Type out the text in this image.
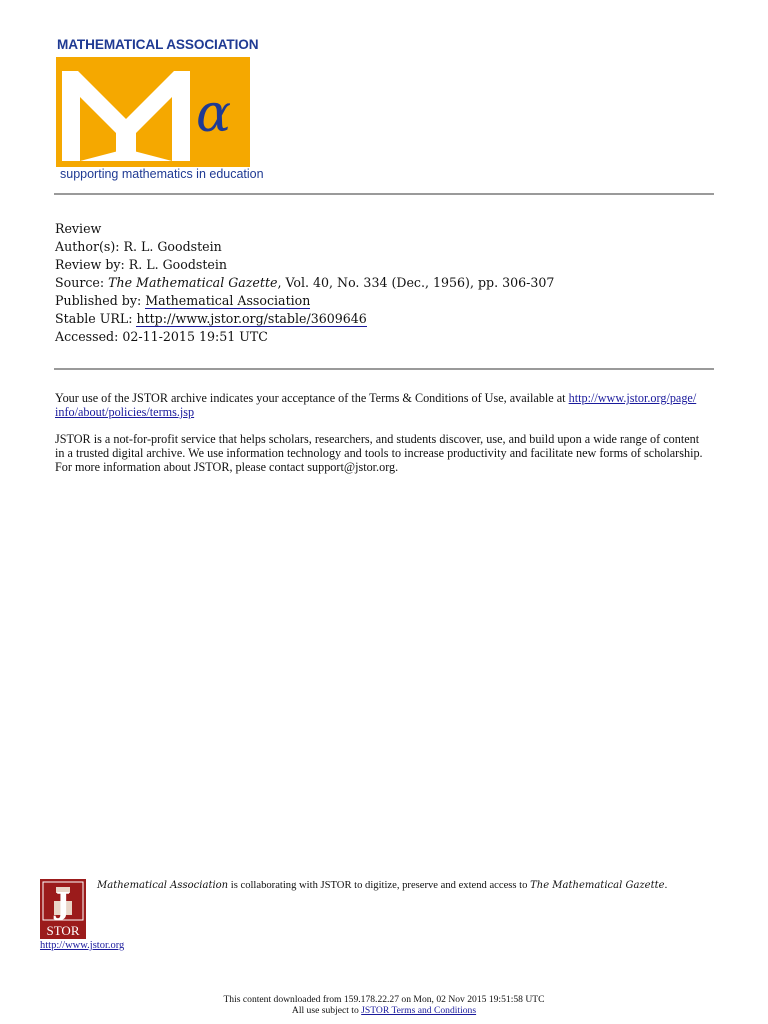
MATHEMATICAL ASSOCIATION
α
supporting mathematics in education
Review
Author(s): R. L. Goodstein
Review by: R. L. Goodstein
Source: The Mathematical Gazette, Vol. 40, No. 334 (Dec., 1956), pp. 306-307
Published by: Mathematical Association
Stable URL: http://www.jstor.org/stable/3609646
Accessed: 02-11-2015 19:51 UTC

Your use of the JSTOR archive indicates your acceptance of the Terms & Conditions of Use, available at http://www.jstor.org/page/
info/about/policies/terms.jsp

JSTOR is a not-for-profit service that helps scholars, researchers, and students discover, use, and build upon a wide range of content
in a trusted digital archive. We use information technology and tools to increase productivity and facilitate new forms of scholarship.
For more information about JSTOR, please contact support@jstor.org.

J
STOR
http://www.jstor.org
Mathematical Association is collaborating with JSTOR to digitize, preserve and extend access to The Mathematical Gazette.
This content downloaded from 159.178.22.27 on Mon, 02 Nov 2015 19:51:58 UTC
All use subject to JSTOR Terms and Conditions
